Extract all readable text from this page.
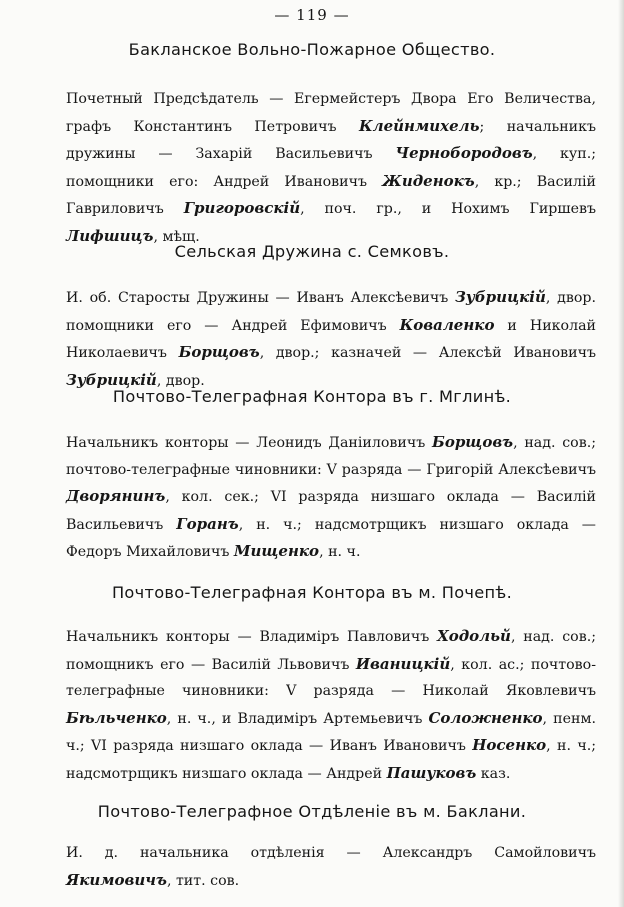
— 119 —
Бакланское Вольно-Пожарное Общество.
Почетный Предсѣдатель — Егермейстеръ Двора Его Величества, графъ Константинъ Петровичъ Клейнмихель; начальникъ дружины — Захарій Васильевичъ Чернобородовъ, куп.; помощники его: Андрей Ивановичъ Жиденокъ, кр.; Василій Гавриловичъ Григоровскій, поч. гр., и Нохимъ Гиршевъ Лифшицъ, мѣщ.
Сельская Дружина с. Семковъ.
И. об. Старосты Дружины — Иванъ Алексѣевичъ Зубрицкій, двор. помощники его — Андрей Ефимовичъ Коваленко и Николай Николаевичъ Борщовъ, двор.; казначей — Алексѣй Ивановичъ Зубрицкій, двор.
Почтово-Телеграфная Контора въ г. Мглинѣ.
Начальникъ конторы — Леонидъ Даніиловичъ Борщовъ, над. сов.; почтово-телеграфные чиновники: V разряда — Григорій Алексѣевичъ Дворянинъ, кол. сек.; VI разряда низшаго оклада — Василій Васильевичъ Горанъ, н. ч.; надсмотрщикъ низшаго оклада — Федоръ Михайловичъ Мищенко, н. ч.
Почтово-Телеграфная Контора въ м. Почепѣ.
Начальникъ конторы — Владиміръ Павловичъ Ходольй, над. сов.; помощникъ его — Василій Львовичъ Иваницкій, кол. ас.; почтово-телеграфные чиновники: V разряда — Николай Яковлевичъ Бѣльченко, н. ч., и Владиміръ Артемьевичъ Соложненко, пенм. ч.; VI разряда низшаго оклада — Иванъ Ивановичъ Носенко, н. ч.; надсмотрщикъ низшаго оклада — Андрей Пашуковъ каз.
Почтово-Телеграфное Отдѣленіе въ м. Баклани.
И. д. начальника отдѣленія — Александръ Самойловичъ Якимовичъ, тит. сов.
